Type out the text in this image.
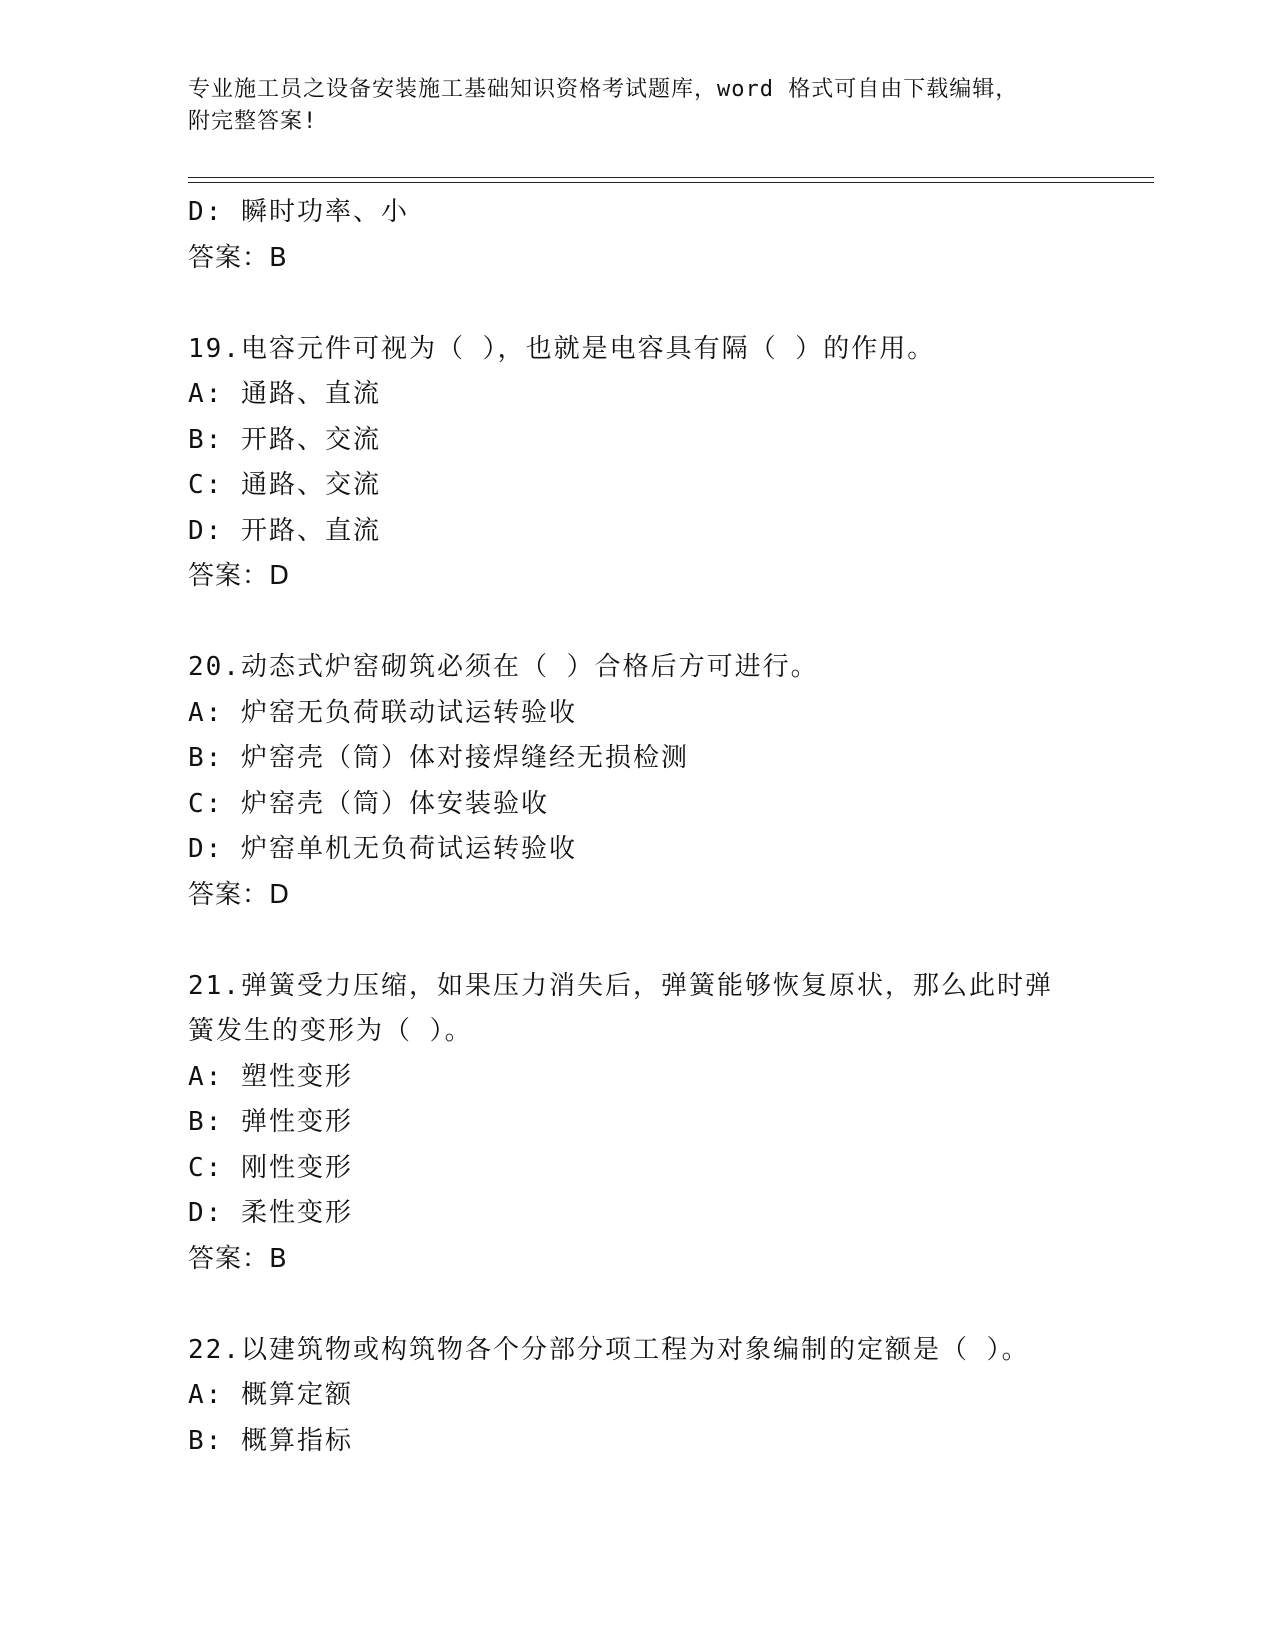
专业施工员之设备安装施工基础知识资格考试题库，word 格式可自由下载编辑，
附完整答案!
D: 瞬时功率、小
答案：B
19.电容元件可视为（ ），也就是电容具有隔（ ）的作用。
A: 通路、直流
B: 开路、交流
C: 通路、交流
D: 开路、直流
答案：D
20.动态式炉窑砌筑必须在（ ）合格后方可进行。
A: 炉窑无负荷联动试运转验收
B: 炉窑壳（筒）体对接焊缝经无损检测
C: 炉窑壳（筒）体安装验收
D: 炉窑单机无负荷试运转验收
答案：D
21.弹簧受力压缩，如果压力消失后，弹簧能够恢复原状，那么此时弹
簧发生的变形为（ ）。
A: 塑性变形
B: 弹性变形
C: 刚性变形
D: 柔性变形
答案：B
22.以建筑物或构筑物各个分部分项工程为对象编制的定额是（ ）。
A: 概算定额
B: 概算指标
